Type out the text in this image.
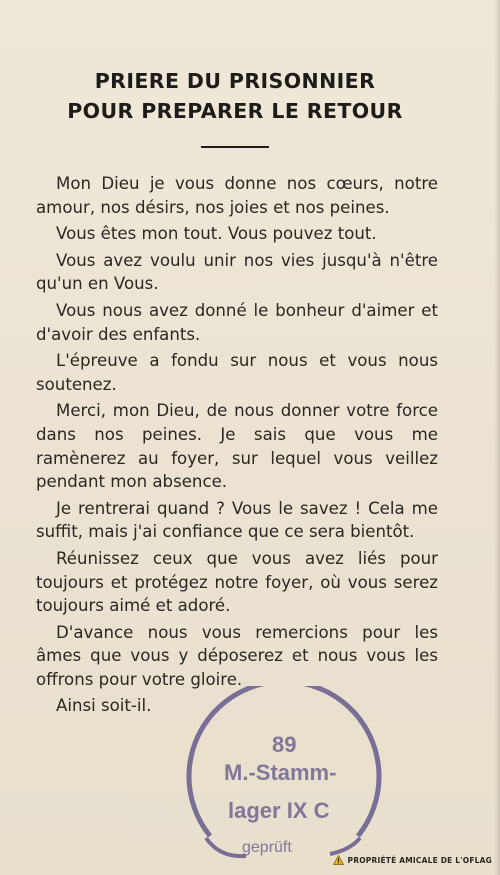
PRIERE DU PRISONNIER
POUR PREPARER LE RETOUR

Mon Dieu je vous donne nos cœurs, notre amour, nos désirs, nos joies et nos peines.

Vous êtes mon tout. Vous pouvez tout.

Vous avez voulu unir nos vies jusqu'à n'être qu'un en Vous.

Vous nous avez donné le bonheur d'aimer et d'avoir des enfants.

L'épreuve a fondu sur nous et vous nous soutenez.

Merci, mon Dieu, de nous donner votre force dans nos peines. Je sais que vous me ramènerez au foyer, sur lequel vous veillez pendant mon absence.

Je rentrerai quand ? Vous le savez ! Cela me suffit, mais j'ai confiance que ce sera bientôt.

Réunissez ceux que vous avez liés pour toujours et protégez notre foyer, où vous serez toujours aimé et adoré.

D'avance nous vous remercions pour les âmes que vous y déposerez et nous vous les offrons pour votre gloire.

Ainsi soit-il.

89
M.-Stamm-
lager IX C
geprüft
PROPRIÉTÉ AMICALE DE L'OFLAG
